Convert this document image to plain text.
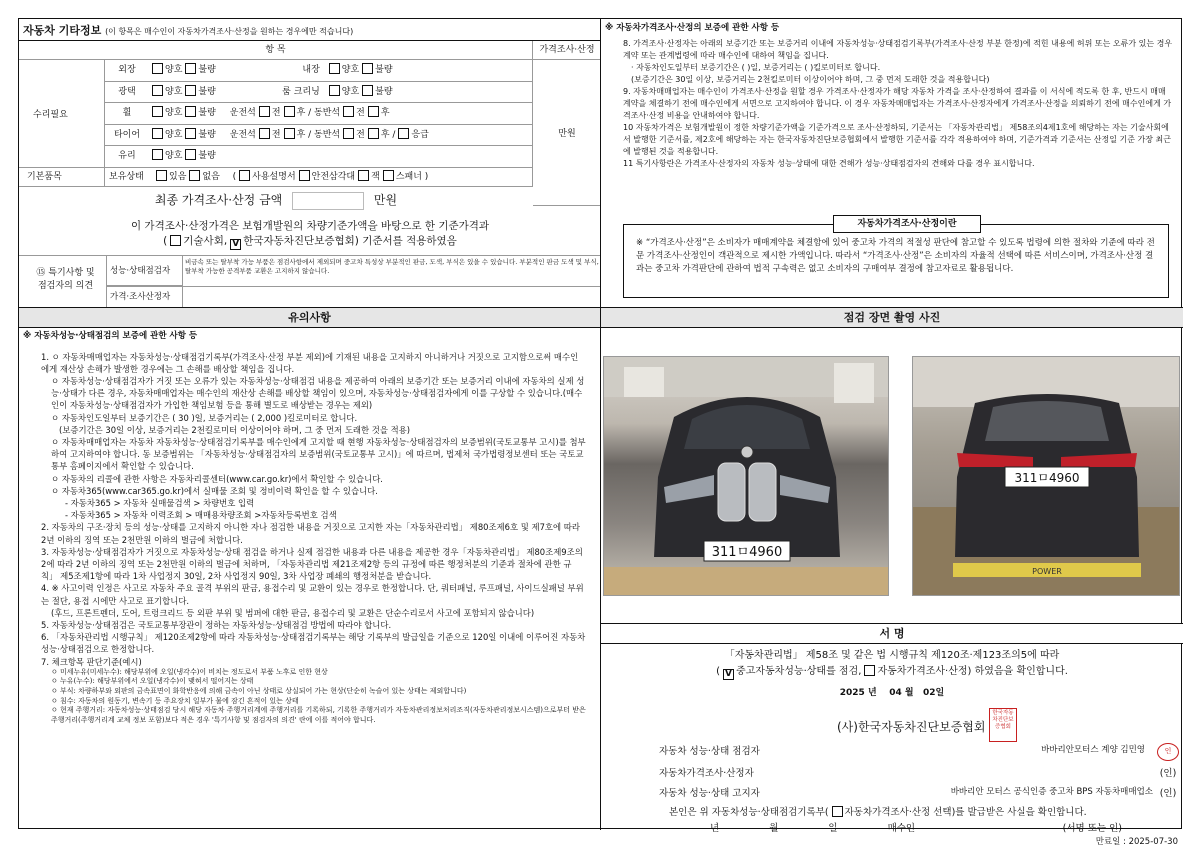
자동차 기타정보 (이 항목은 매수인이 자동차가격조사·산정을 원하는 경우에만 적습니다)
항 목	가격조사·산정
수리필요
만원
외장	양호 불량	내장 양호 불량
광택	양호 불량	룸 크리닝 양호 불량
휠	양호 불량 운전석 전 후 / 동반석 전 후
타이어	양호 불량 운전석 전 후 / 동반석 전 후 / 응급
유리	양호 불량
기본품목	보유상태	있음 없음 ( 사용설명서 안전삼각대 잭 스패너 )
최종 가격조사·산정 금액	만원
이 가격조사·산정가격은 보험개발원의 차량기준가액을 바탕으로 한 기준가격과
( 기술사회, V 한국자동차진단보증협회) 기준서를 적용하였음
⑮ 특기사항 및
점검자의 의견
성능·상태점검자
비금속 또는 탈부착 가능 부품은 점검사항에서 제외되며 중고차 특성상 부분적인 판금, 도색, 부식은 있을 수 있습니다. 부분적인 판금 도색 및 부식, 탈부착 가능한 공격부품 교환은 고지하지 않습니다.
가격·조사산정자
※ 자동차가격조사·산정의 보증에 관한 사항 등
8. 가격조사·산정자는 아래의 보증기간 또는 보증거리 이내에 자동차성능·상태점검기록부(가격조사·산정 부분 한정)에 적힌 내용에 허위 또는 오류가 있는 경우 계약 또는 관계법령에 따라 매수인에 대하여 책임을 집니다.
· 자동차인도일부터 보증기간은 ( )일, 보증거리는 ( )킬로미터로 합니다.
(보증기간은 30일 이상, 보증거리는 2천킬로미터 이상이어야 하며, 그 중 먼저 도래한 것을 적용합니다)
9. 자동차매매업자는 매수인이 가격조사·산정을 원할 경우 가격조사·산정자가 해당 자동차 가격을 조사·산정하여 결과를 이 서식에 적도록 한 후, 반드시 매매계약을 체결하기 전에 매수인에게 서면으로 고지하여야 합니다. 이 경우 자동차매매업자는 가격조사·산정자에게 가격조사·산정을 의뢰하기 전에 매수인에게 가격조사·산정 비용을 안내하여야 합니다.
10 자동차가격은 보험개발원이 정한 차량기준가액을 기준가격으로 조사·산정하되, 기준서는 「자동차관리법」 제58조의4제1호에 해당하는 자는 기술사회에서 발행한 기준서를, 제2호에 해당하는 자는 한국자동차진단보증협회에서 발행한 기준서를 각각 적용하여야 하며, 기준가격과 기준서는 산정일 기준 가장 최근에 발행된 것을 적용합니다.
11 특기사항란은 가격조사·산정자의 자동차 성능·상태에 대한 견해가 성능·상태점검자의 견해와 다를 경우 표시합니다.
자동차가격조사·산정이란
※ “가격조사·산정”은 소비자가 매매계약을 체결함에 있어 중고차 가격의 적절성 판단에 참고할 수 있도록 법령에 의한 절차와 기준에 따라 전문 가격조사·산정인이 객관적으로 제시한 가액입니다. 따라서 “가격조사·산정”은 소비자의 자율적 선택에 따른 서비스이며, 가격조사·산정 결과는 중고차 가격판단에 관하여 법적 구속력은 없고 소비자의 구매여부 결정에 참고자료로 활용됩니다.
유의사항
※ 자동차성능·상태점검의 보증에 관한 사항 등
1. ㅇ 자동차매매업자는 자동차성능·상태점검기록부(가격조사·산정 부분 제외)에 기재된 내용을 고지하지 아니하거나 거짓으로 고지함으로써 매수인에게 재산상 손해가 발생한 경우에는 그 손해를 배상할 책임을 집니다.
ㅇ 자동차성능·상태점검자가 거짓 또는 오류가 있는 자동차성능·상태점검 내용을 제공하여 아래의 보증기간 또는 보증거리 이내에 자동차의 실제 성능·상태가 다른 경우, 자동차매매업자는 매수인의 재산상 손해를 배상할 책임이 있으며, 자동차성능·상태점검자에게 이를 구상할 수 있습니다.(매수인이 자동차성능·상태점검자가 가입한 책임보험 등을 통해 별도로 배상받는 경우는 제외)
ㅇ 자동차인도일부터 보증기간은 ( 30 )일, 보증거리는 ( 2,000 )킬로미터로 합니다.
(보증기간은 30일 이상, 보증거리는 2천킬로미터 이상이어야 하며, 그 중 먼저 도래한 것을 적용)
ㅇ 자동차매매업자는 자동차 자동차성능·상태점검기록부를 매수인에게 고지할 때 현행 자동차성능·상태점검자의 보증범위(국토교통부 고시)를 첨부하여 고지하여야 합니다. 동 보증범위는 「자동차성능·상태점검자의 보증범위(국토교통부 고시)」에 따르며, 법제처 국가법령정보센터 또는 국토교통부 홈페이지에서 확인할 수 있습니다.
ㅇ 자동차의 리콜에 관한 사항은 자동차리콜센터(www.car.go.kr)에서 확인할 수 있습니다.
ㅇ 자동차365(www.car365.go.kr)에서 실매물 조회 및 정비이력 확인을 할 수 있습니다.
- 자동차365 > 자동차 실매물검색 > 차량번호 입력
- 자동차365 > 자동차 이력조회 > 매매용차량조회 >자동차등록번호 검색
2. 자동차의 구조·장치 등의 성능·상태를 고지하지 아니한 자나 점검한 내용을 거짓으로 고지한 자는「자동차관리법」 제80조제6호 및 제7호에 따라 2년 이하의 징역 또는 2천만원 이하의 벌금에 처합니다.
3. 자동차성능·상태점검자가 거짓으로 자동차성능·상태 점검을 하거나 실제 점검한 내용과 다른 내용을 제공한 경우「자동차관리법」 제80조제9조의2에 따라 2년 이하의 징역 또는 2천만원 이하의 벌금에 처하며, 「자동차관리법 제21조제2항 등의 규정에 따른 행정처분의 기준과 절차에 관한 규칙」 제5조제1항에 따라 1차 사업정지 30일, 2차 사업정지 90일, 3차 사업장 폐쇄의 행정처분을 받습니다.
4. ※ 사고이력 인정은 사고로 자동차 주요 골격 부위의 판금, 용접수리 및 교환이 있는 경우로 한정합니다. 단, 쿼터패널, 루프패널, 사이드실패널 부위는 절단, 용접 시에만 사고로 표기합니다.
(후드, 프론트펜더, 도어, 트렁크리드 등 외판 부위 및 범퍼에 대한 판금, 용접수리 및 교환은 단순수리로서 사고에 포함되지 않습니다)
5. 자동차성능·상태점검은 국토교통부장관이 정하는 자동차성능·상태점검 방법에 따라야 합니다.
6. 「자동차관리법 시행규칙」 제120조제2항에 따라 자동차성능·상태점검기록부는 해당 기록부의 발급일을 기준으로 120일 이내에 이루어진 자동차 성능·상태점검으로 한정합니다.
7. 체크항목 판단기준(예시)
ㅇ 미세누유(미세누수): 해당부위에 오일(냉각수)이 비치는 정도로서 부품 노후로 인한 현상
ㅇ 누유(누수): 해당부위에서 오일(냉각수)이 맺혀서 떨어지는 상태
ㅇ 부식: 차량하부와 외판의 금속표면이 화학반응에 의해 금속이 아닌 상태로 상실되어 가는 현상(단순히 녹슬어 있는 상태는 제외합니다)
ㅇ 침수: 자동차의 원동기, 변속기 등 주요장치 일부가 물에 잠긴 흔적이 있는 상태
ㅇ 현재 주행거리: 자동차성능·상태점검 당시 해당 자동차 주행거리계에 주행거리를 기록하되, 기록한 주행거리가 자동차관리정보처리조직(자동차관리정보시스템)으로부터 받은 주행거리(주행거리계 교체 정보 포함)보다 적은 경우 '특기사항 및 점검자의 의견' 란에 이를 적어야 합니다.
점검 장면 촬영 사진
311ㅁ4960
311ㅁ4960
POWER
서 명
「자동차관리법」 제58조 및 같은 법 시행규칙 제120조·제123조의5에 따라
( V 중고자동차성능·상태를 점검, 자동차가격조사·산정) 하였음을 확인합니다.
2025 년 04 월 02일
(사)한국자동차진단보증협회
한국자동차진단보증협회
자동차 성능·상태 점검자	바바리안모터스 계양 김민영	인
자동차가격조사·산정자	(인)
자동차 성능·상태 고지자	바바리안 모터스 공식인증 중고차 BPS 자동차매매업소 (인)
본인은 위 자동차성능·상태점검기록부( 자동차가격조사·산정 선택)를 발급받은 사실을 확인합니다.
년	월	일	매수인	(서명 또는 인)
만료일 : 2025-07-30
